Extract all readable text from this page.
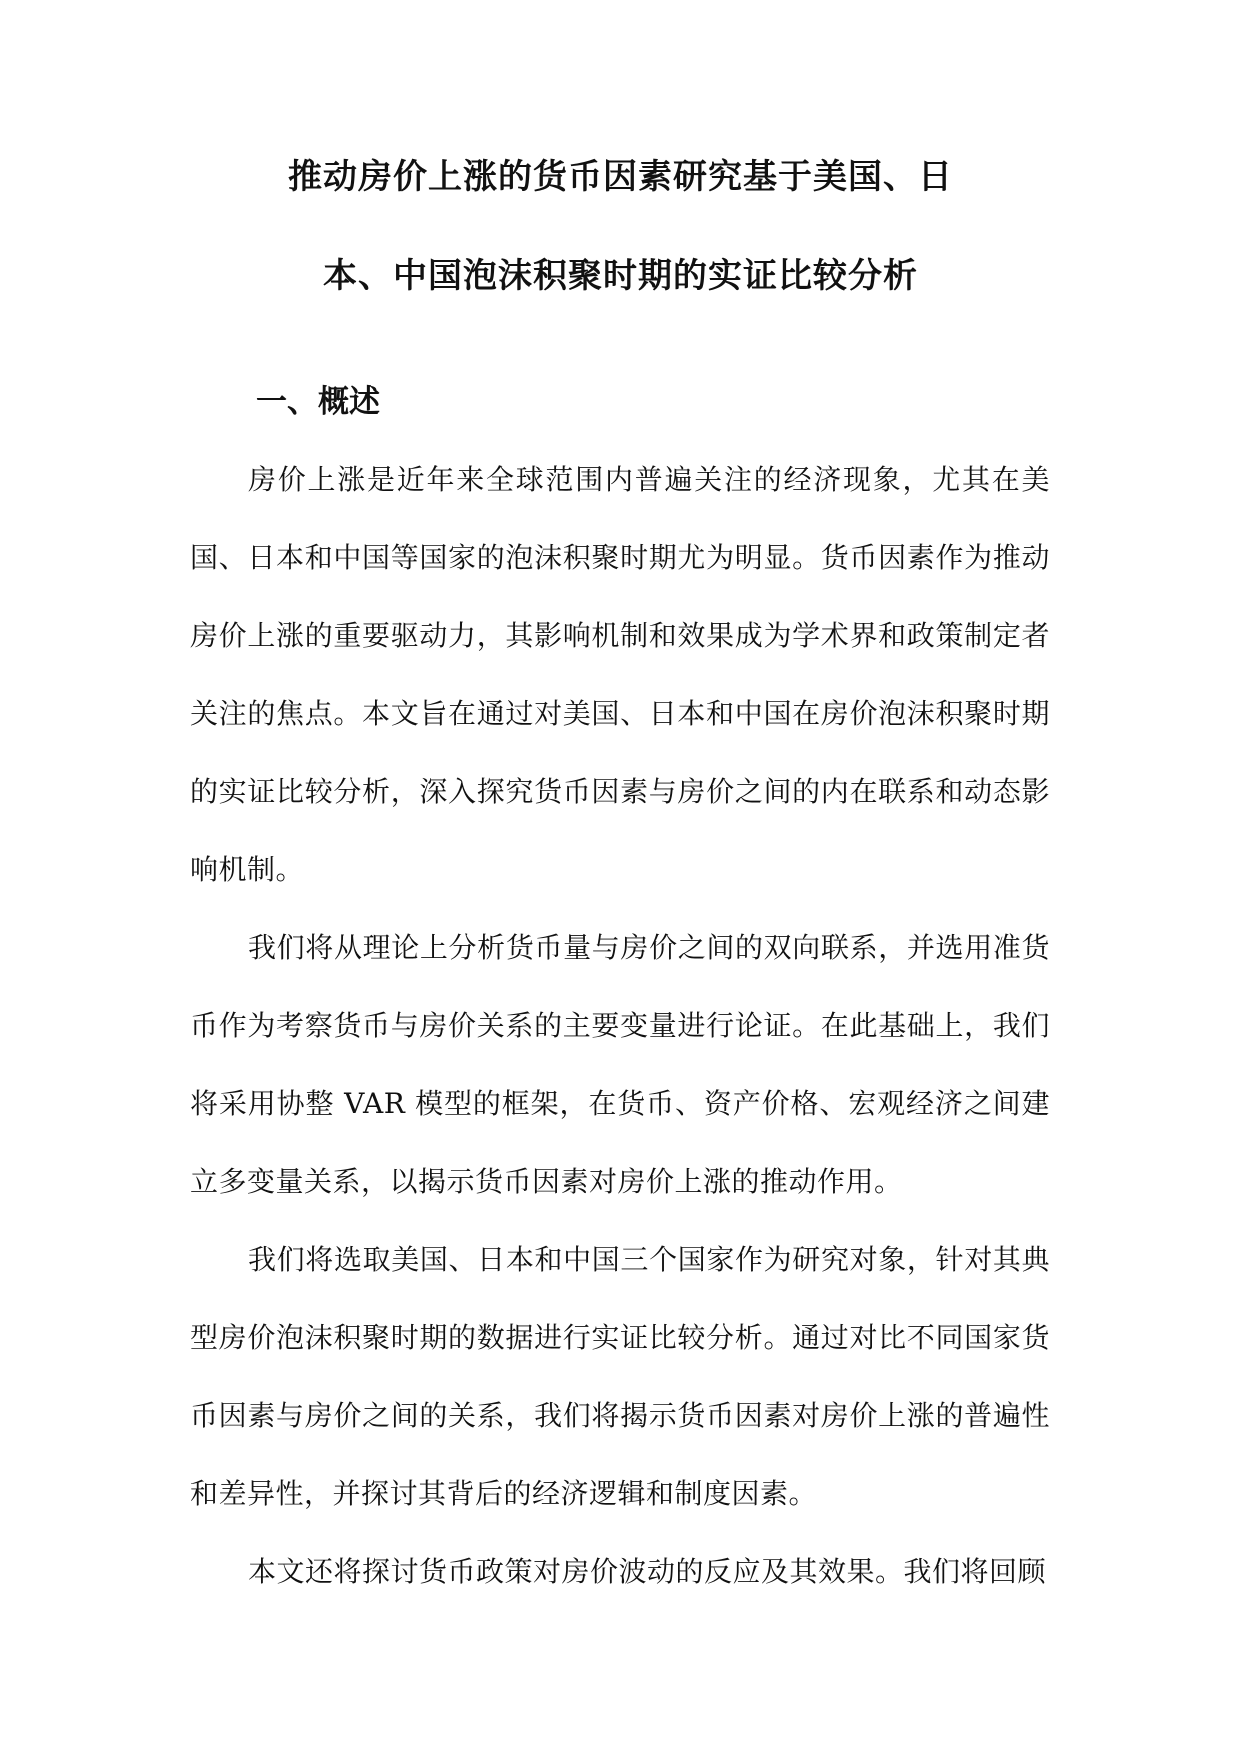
推动房价上涨的货币因素研究基于美国、日
本、中国泡沫积聚时期的实证比较分析
一、概述

房价上涨是近年来全球范围内普遍关注的经济现象，尤其在美国、日本和中国等国家的泡沫积聚时期尤为明显。货币因素作为推动房价上涨的重要驱动力，其影响机制和效果成为学术界和政策制定者关注的焦点。本文旨在通过对美国、日本和中国在房价泡沫积聚时期的实证比较分析，深入探究货币因素与房价之间的内在联系和动态影响机制。

我们将从理论上分析货币量与房价之间的双向联系，并选用准货币作为考察货币与房价关系的主要变量进行论证。在此基础上，我们将采用协整 VAR 模型的框架，在货币、资产价格、宏观经济之间建立多变量关系，以揭示货币因素对房价上涨的推动作用。

我们将选取美国、日本和中国三个国家作为研究对象，针对其典型房价泡沫积聚时期的数据进行实证比较分析。通过对比不同国家货币因素与房价之间的关系，我们将揭示货币因素对房价上涨的普遍性和差异性，并探讨其背后的经济逻辑和制度因素。

本文还将探讨货币政策对房价波动的反应及其效果。我们将回顾
